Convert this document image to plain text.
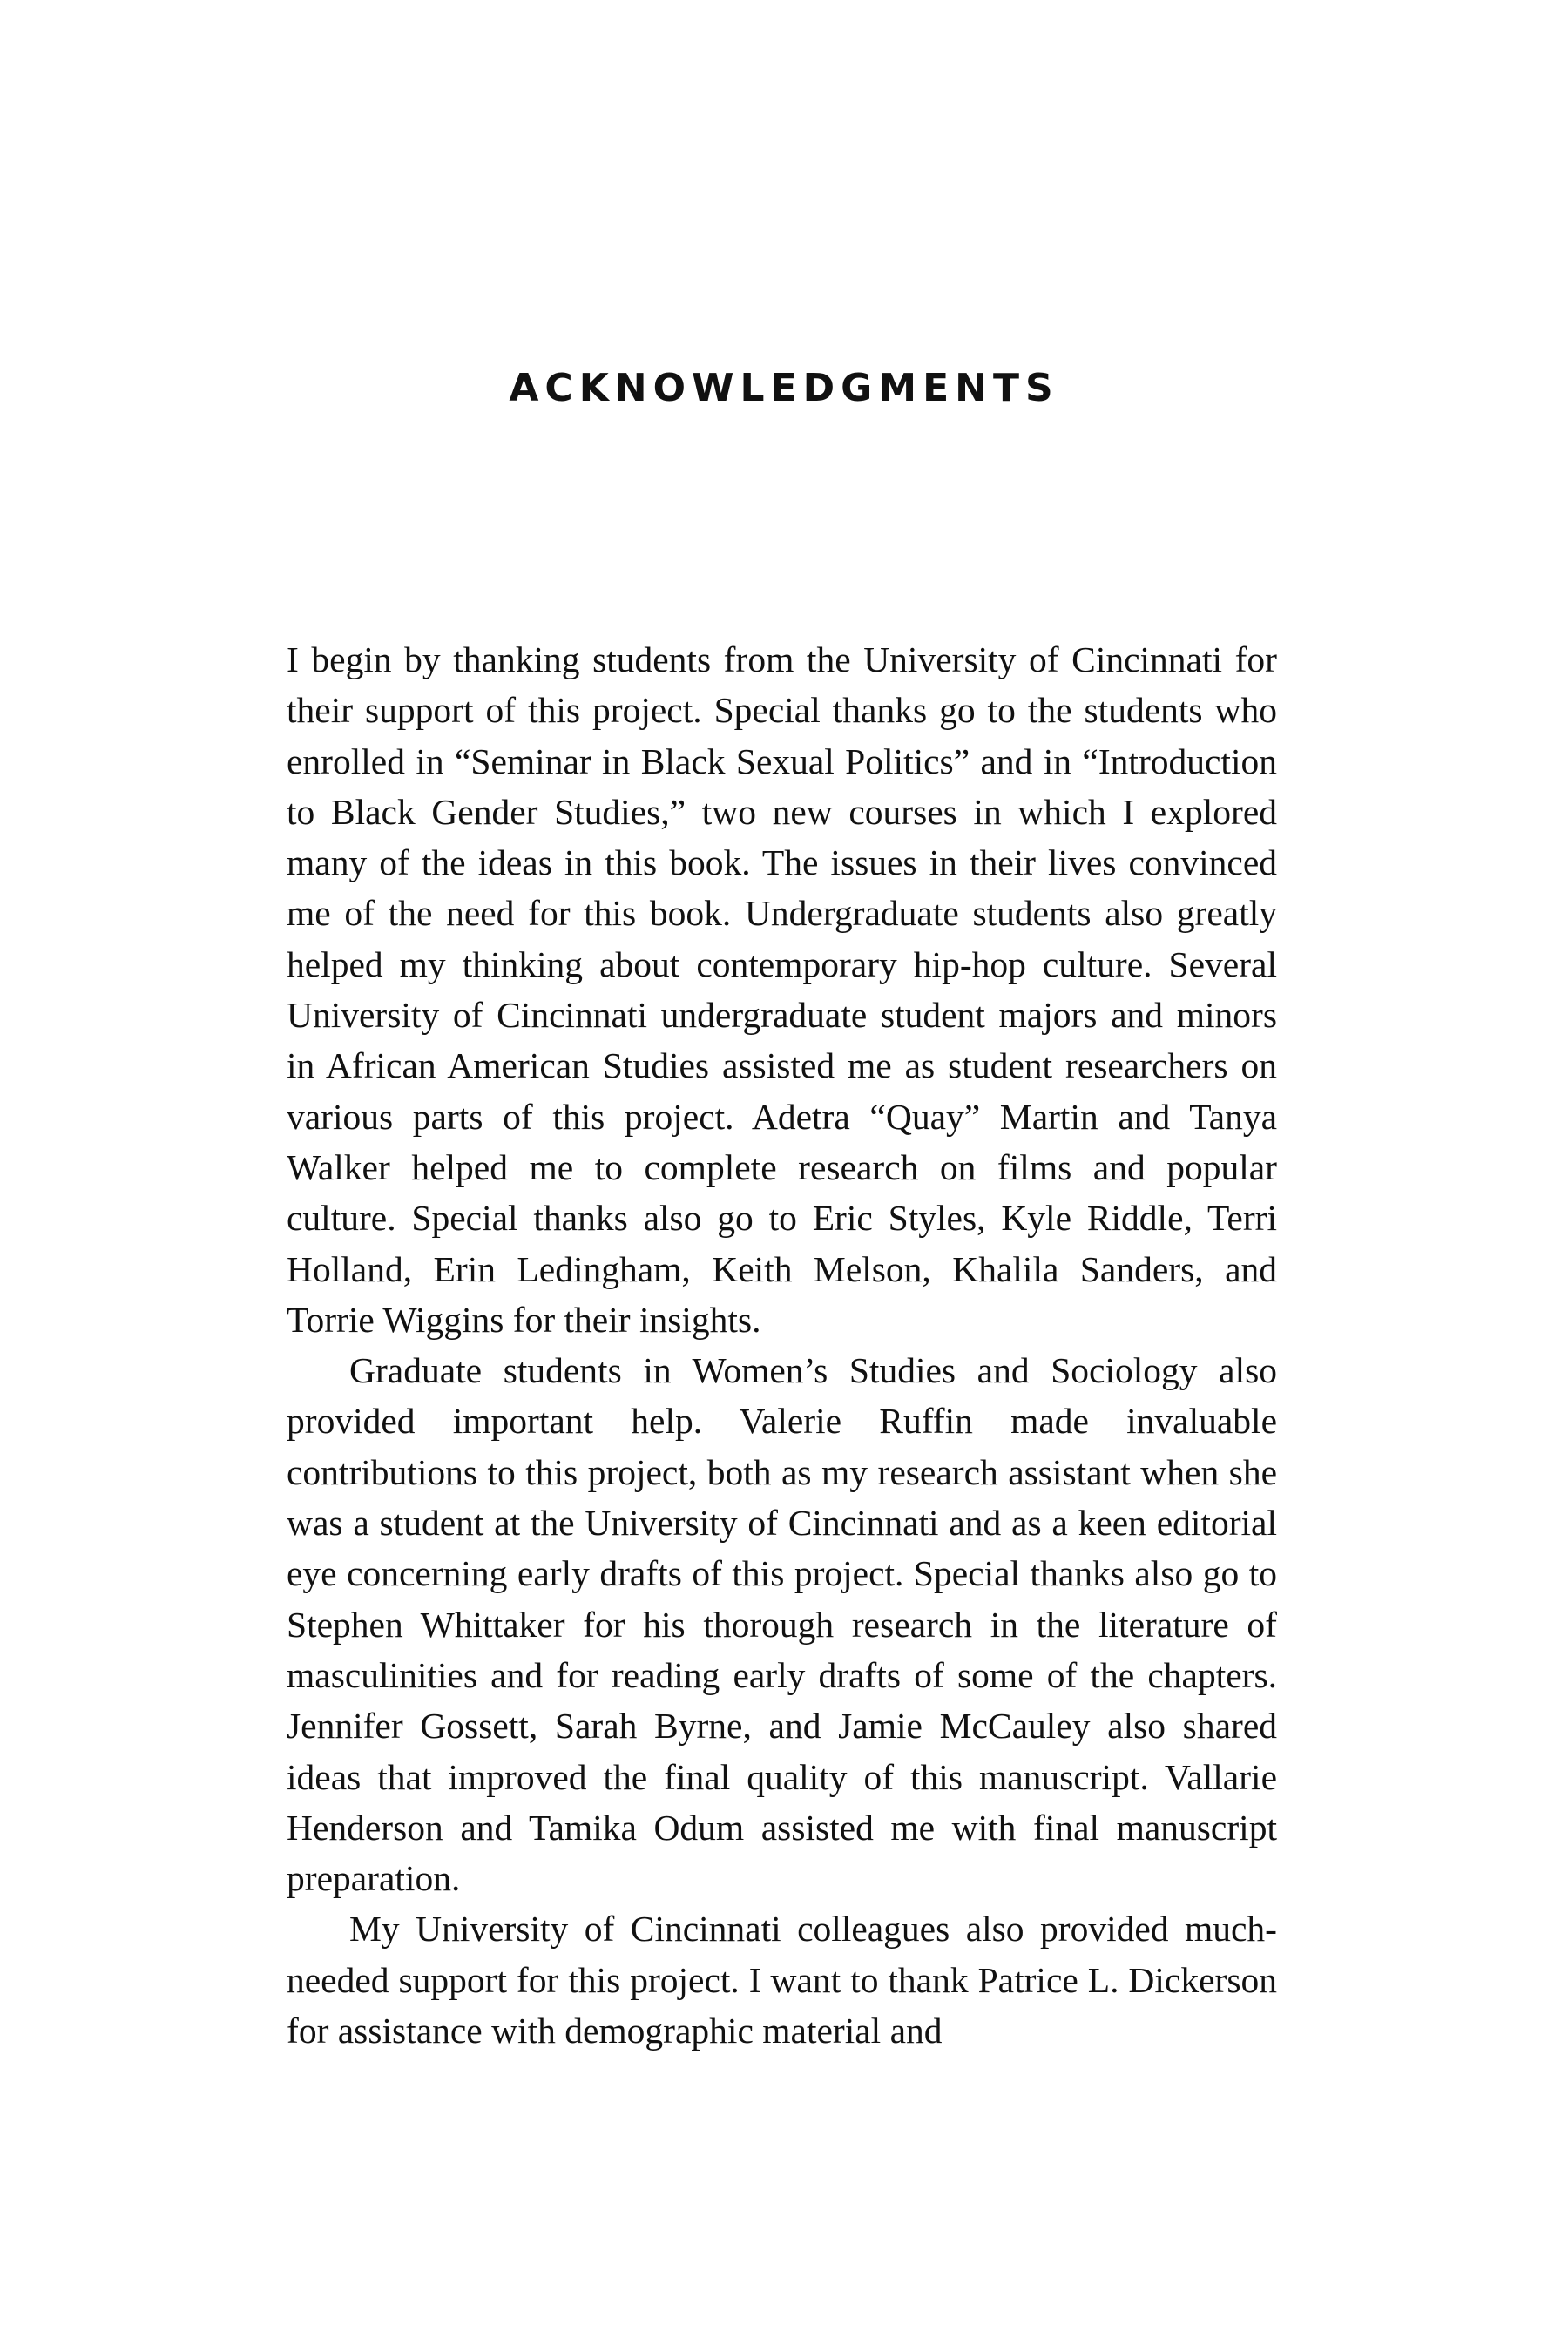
ACKNOWLEDGMENTS

I begin by thanking students from the University of Cincinnati for their support of this project. Special thanks go to the students who enrolled in “Seminar in Black Sexual Politics” and in “Introduction to Black Gender Studies,” two new courses in which I explored many of the ideas in this book. The issues in their lives convinced me of the need for this book. Undergraduate students also greatly helped my thinking about contemporary hip-hop culture. Several University of Cincinnati undergraduate student majors and minors in African American Studies assisted me as student researchers on various parts of this project. Adetra “Quay” Martin and Tanya Walker helped me to complete research on films and popular culture. Special thanks also go to Eric Styles, Kyle Riddle, Terri Holland, Erin Ledingham, Keith Melson, Khalila Sanders, and Torrie Wiggins for their insights.

Graduate students in Women’s Studies and Sociology also provided important help. Valerie Ruffin made invaluable contributions to this project, both as my research assistant when she was a student at the University of Cincinnati and as a keen editorial eye concerning early drafts of this project. Special thanks also go to Stephen Whittaker for his thorough research in the literature of masculinities and for reading early drafts of some of the chapters. Jennifer Gossett, Sarah Byrne, and Jamie McCauley also shared ideas that improved the final quality of this manuscript. Vallarie Henderson and Tamika Odum assisted me with final manuscript preparation.

My University of Cincinnati colleagues also provided much-needed support for this project. I want to thank Patrice L. Dickerson for assistance with demographic material and
